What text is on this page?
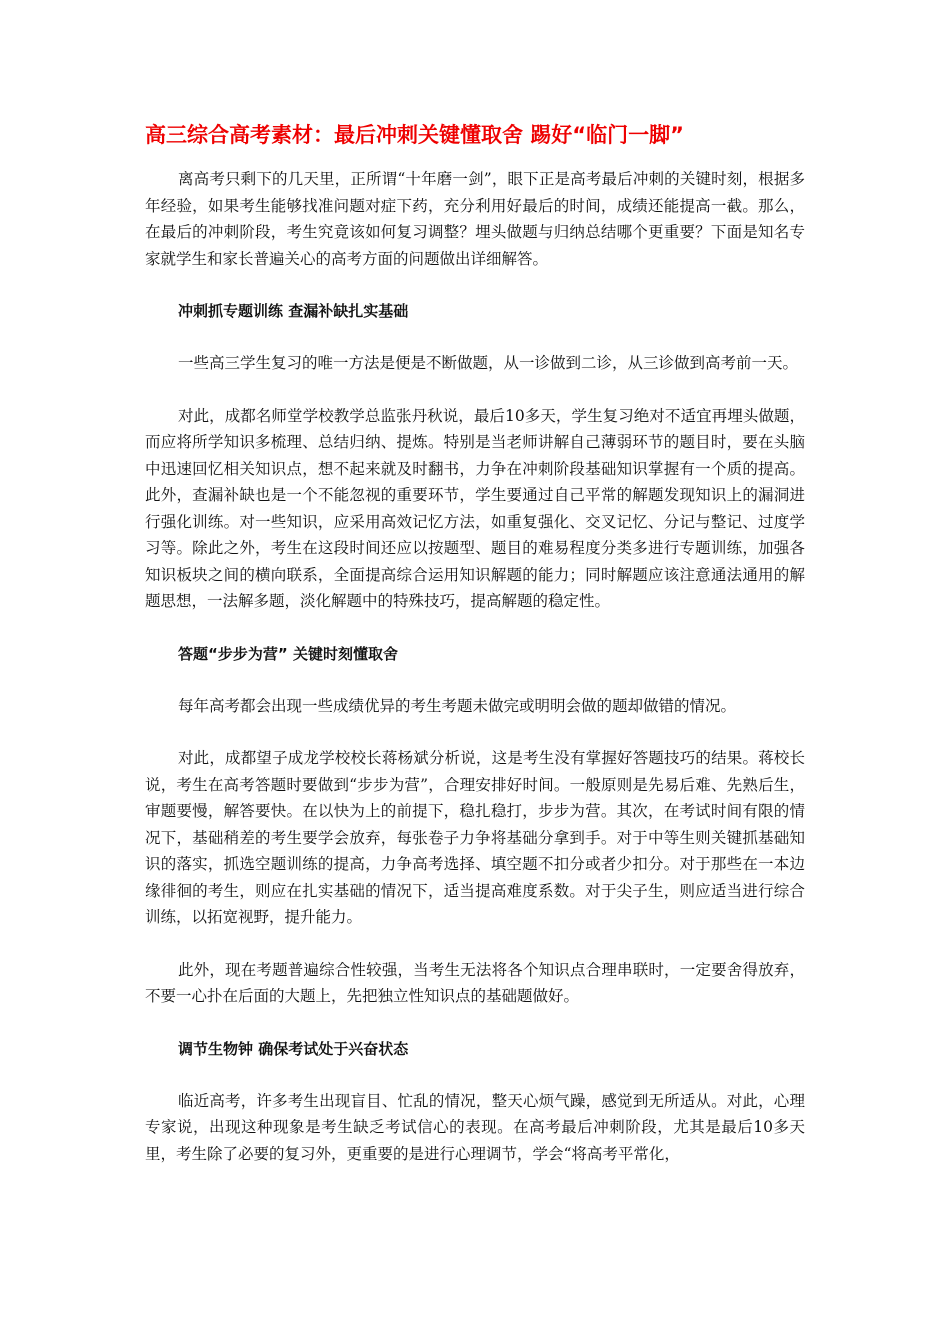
高三综合高考素材：最后冲刺关键懂取舍 踢好“临门一脚”

离高考只剩下的几天里，正所谓“十年磨一剑”，眼下正是高考最后冲刺的关键时刻，根据多年经验，如果考生能够找准问题对症下药，充分利用好最后的时间，成绩还能提高一截。那么，在最后的冲刺阶段，考生究竟该如何复习调整？埋头做题与归纳总结哪个更重要？下面是知名专家就学生和家长普遍关心的高考方面的问题做出详细解答。

冲刺抓专题训练 查漏补缺扎实基础

一些高三学生复习的唯一方法是便是不断做题，从一诊做到二诊，从三诊做到高考前一天。

对此，成都名师堂学校教学总监张丹秋说，最后10多天，学生复习绝对不适宜再埋头做题，而应将所学知识多梳理、总结归纳、提炼。特别是当老师讲解自己薄弱环节的题目时，要在头脑中迅速回忆相关知识点，想不起来就及时翻书，力争在冲刺阶段基础知识掌握有一个质的提高。此外，查漏补缺也是一个不能忽视的重要环节，学生要通过自己平常的解题发现知识上的漏洞进行强化训练。对一些知识，应采用高效记忆方法，如重复强化、交叉记忆、分记与整记、过度学习等。除此之外，考生在这段时间还应以按题型、题目的难易程度分类多进行专题训练，加强各知识板块之间的横向联系，全面提高综合运用知识解题的能力；同时解题应该注意通法通用的解题思想，一法解多题，淡化解题中的特殊技巧，提高解题的稳定性。

答题“步步为营” 关键时刻懂取舍

每年高考都会出现一些成绩优异的考生考题未做完或明明会做的题却做错的情况。

对此，成都望子成龙学校校长蒋杨斌分析说，这是考生没有掌握好答题技巧的结果。蒋校长说，考生在高考答题时要做到“步步为营”，合理安排好时间。一般原则是先易后难、先熟后生，审题要慢，解答要快。在以快为上的前提下，稳扎稳打，步步为营。其次，在考试时间有限的情况下，基础稍差的考生要学会放弃，每张卷子力争将基础分拿到手。对于中等生则关键抓基础知识的落实，抓选空题训练的提高，力争高考选择、填空题不扣分或者少扣分。对于那些在一本边缘徘徊的考生，则应在扎实基础的情况下，适当提高难度系数。对于尖子生，则应适当进行综合训练，以拓宽视野，提升能力。

此外，现在考题普遍综合性较强，当考生无法将各个知识点合理串联时，一定要舍得放弃，不要一心扑在后面的大题上，先把独立性知识点的基础题做好。

调节生物钟 确保考试处于兴奋状态

临近高考，许多考生出现盲目、忙乱的情况，整天心烦气躁，感觉到无所适从。对此，心理专家说，出现这种现象是考生缺乏考试信心的表现。在高考最后冲刺阶段，尤其是最后10多天里，考生除了必要的复习外，更重要的是进行心理调节，学会“将高考平常化，
